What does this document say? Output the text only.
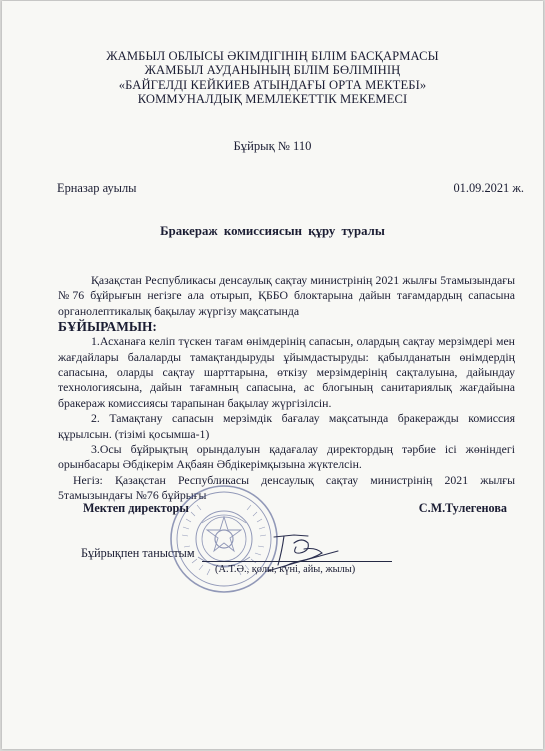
ЖАМБЫЛ ОБЛЫСЫ ӘКІМДІГІНІҢ БІЛІМ БАСҚАРМАСЫ
ЖАМБЫЛ АУДАНЫНЫҢ БІЛІМ БӨЛІМІНІҢ
«БАЙГЕЛДІ КЕЙКИЕВ АТЫНДАҒЫ ОРТА МЕКТЕБІ»
КОММУНАЛДЫҚ МЕМЛЕКЕТТІК МЕКЕМЕСІ
Бұйрық № 110
Ерназар ауылы	01.09.2021 ж.
Бракераж комиссиясын құру туралы

Қазақстан Республикасы денсаулық сақтау министрінің 2021 жылғы 5тамызындағы №76 бұйрығын негізге ала отырып, ҚББО блоктарына дайын тағамдардың сапасына органолептикалық бақылау жүргізу мақсатында

БҰЙЫРАМЫН:

1.Асханаға келіп түскен тағам өнімдерінің сапасын, олардың сақтау мерзімдері мен жағдайлары балаларды тамақтандыруды ұйымдастыруды: қабылданатын өнімдердің сапасына, оларды сақтау шарттарына, өткізу мерзімдерінің сақталуына, дайындау технологиясына, дайын тағамның сапасына, ас блогының санитариялық жағдайына бракераж комиссиясы тарапынан бақылау жүргізілсін.

2. Тамақтану сапасын мерзімдік бағалау мақсатында бракеражды комиссия құрылсын. (тізімі қосымша-1)

3.Осы бұйрықтың орындалуын қадағалау директордың тәрбие ісі жөніндегі орынбасары Әбдікерім Ақбаян Әбдікерімқызына жүктелсін.

Негіз: Қазақстан Республикасы денсаулық сақтау министрінің 2021 жылғы 5тамызындағы №76 бұйрығы

Мектеп директоры	С.М.Тулегенова
Бұйрықпен таныстым
(А.Т.Ә., қолы, күні, айы, жылы)
